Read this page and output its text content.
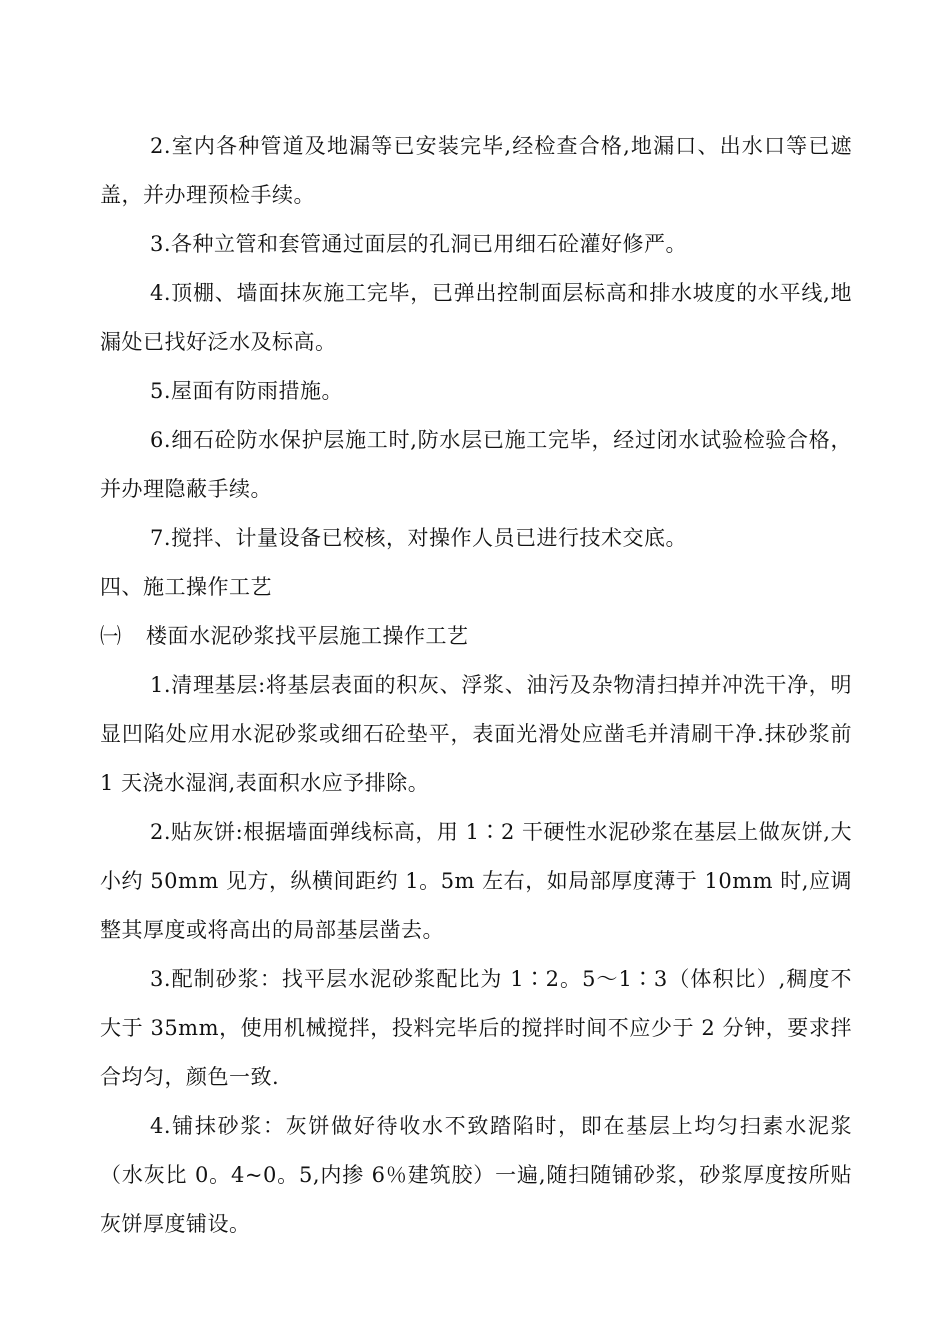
2.室内各种管道及地漏等已安装完毕,经检查合格,地漏口、出水口等已遮盖，并办理预检手续。

3.各种立管和套管通过面层的孔洞已用细石砼灌好修严。

4.顶棚、墙面抹灰施工完毕，已弹出控制面层标高和排水坡度的水平线,地漏处已找好泛水及标高。

5.屋面有防雨措施。

6.细石砼防水保护层施工时,防水层已施工完毕，经过闭水试验检验合格，并办理隐蔽手续。

7.搅拌、计量设备已校核，对操作人员已进行技术交底。

四、施工操作工艺

㈠ 楼面水泥砂浆找平层施工操作工艺

1.清理基层:将基层表面的积灰、浮浆、油污及杂物清扫掉并冲洗干净，明显凹陷处应用水泥砂浆或细石砼垫平，表面光滑处应凿毛并清刷干净.抹砂浆前 1 天浇水湿润,表面积水应予排除。

2.贴灰饼:根据墙面弹线标高，用 1∶2 干硬性水泥砂浆在基层上做灰饼,大小约 50mm 见方，纵横间距约 1。5m 左右，如局部厚度薄于 10mm 时,应调整其厚度或将高出的局部基层凿去。

3.配制砂浆：找平层水泥砂浆配比为 1∶2。5～1∶3（体积比）,稠度不大于 35mm，使用机械搅拌，投料完毕后的搅拌时间不应少于 2 分钟，要求拌合均匀，颜色一致.

4.铺抹砂浆：灰饼做好待收水不致踏陷时，即在基层上均匀扫素水泥浆（水灰比 0。4~0。5,内掺 6％建筑胶）一遍,随扫随铺砂浆，砂浆厚度按所贴灰饼厚度铺设。
